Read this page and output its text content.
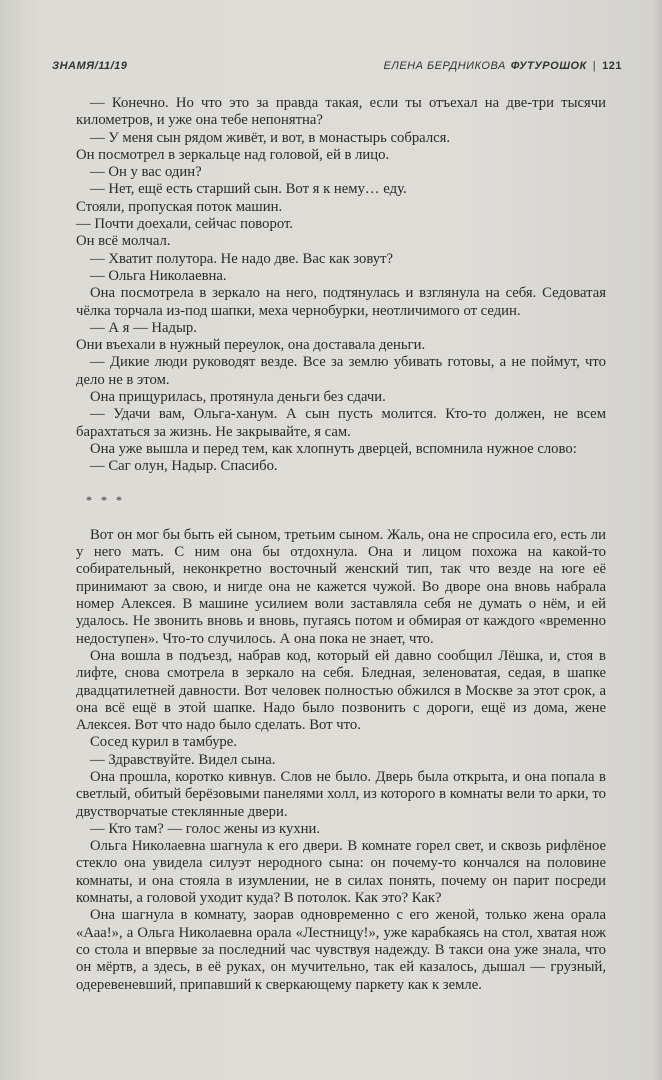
ЗНАМЯ/11/19	ЕЛЕНА БЕРДНИКОВА ФУТУРОШОК | 121

— Конечно. Но что это за правда такая, если ты отъехал на две-три тысячи километров, и уже она тебе непонятна?

— У меня сын рядом живёт, и вот, в монастырь собрался.

Он посмотрел в зеркальце над головой, ей в лицо.

— Он у вас один?

— Нет, ещё есть старший сын. Вот я к нему… еду.

Стояли, пропуская поток машин.

— Почти доехали, сейчас поворот.

Он всё молчал.

— Хватит полутора. Не надо две. Вас как зовут?

— Ольга Николаевна.

Она посмотрела в зеркало на него, подтянулась и взглянула на себя. Седоватая чёлка торчала из-под шапки, меха чернобурки, неотличимого от седин.

— А я — Надыр.

Они въехали в нужный переулок, она доставала деньги.

— Дикие люди руководят везде. Все за землю убивать готовы, а не поймут, что дело не в этом.

Она прищурилась, протянула деньги без сдачи.

— Удачи вам, Ольга-ханум. А сын пусть молится. Кто-то должен, не всем барахтаться за жизнь. Не закрывайте, я сам.

Она уже вышла и перед тем, как хлопнуть дверцей, вспомнила нужное слово:

— Саг олун, Надыр. Спасибо.

* * *

Вот он мог бы быть ей сыном, третьим сыном. Жаль, она не спросила его, есть ли у него мать. С ним она бы отдохнула. Она и лицом похожа на какой-то собирательный, неконкретно восточный женский тип, так что везде на юге её принимают за свою, и нигде она не кажется чужой. Во дворе она вновь набрала номер Алексея. В машине усилием воли заставляла себя не думать о нём, и ей удалось. Не звонить вновь и вновь, пугаясь потом и обмирая от каждого «временно недоступен». Что-то случилось. А она пока не знает, что.

Она вошла в подъезд, набрав код, который ей давно сообщил Лёшка, и, стоя в лифте, снова смотрела в зеркало на себя. Бледная, зеленоватая, седая, в шапке двадцатилетней давности. Вот человек полностью обжился в Москве за этот срок, а она всё ещё в этой шапке. Надо было позвонить с дороги, ещё из дома, жене Алексея. Вот что надо было сделать. Вот что.

Сосед курил в тамбуре.

— Здравствуйте. Видел сына.

Она прошла, коротко кивнув. Слов не было. Дверь была открыта, и она попала в светлый, обитый берёзовыми панелями холл, из которого в комнаты вели то арки, то двустворчатые стеклянные двери.

— Кто там? — голос жены из кухни.

Ольга Николаевна шагнула к его двери. В комнате горел свет, и сквозь рифлёное стекло она увидела силуэт неродного сына: он почему-то кончался на половине комнаты, и она стояла в изумлении, не в силах понять, почему он парит посреди комнаты, а головой уходит куда? В потолок. Как это? Как?

Она шагнула в комнату, заорав одновременно с его женой, только жена орала «Ааа!», а Ольга Николаевна орала «Лестницу!», уже карабкаясь на стол, хватая нож со стола и впервые за последний час чувствуя надежду. В такси она уже знала, что он мёртв, а здесь, в её руках, он мучительно, так ей казалось, дышал — грузный, одеревеневший, припавший к сверкающему паркету как к земле.
